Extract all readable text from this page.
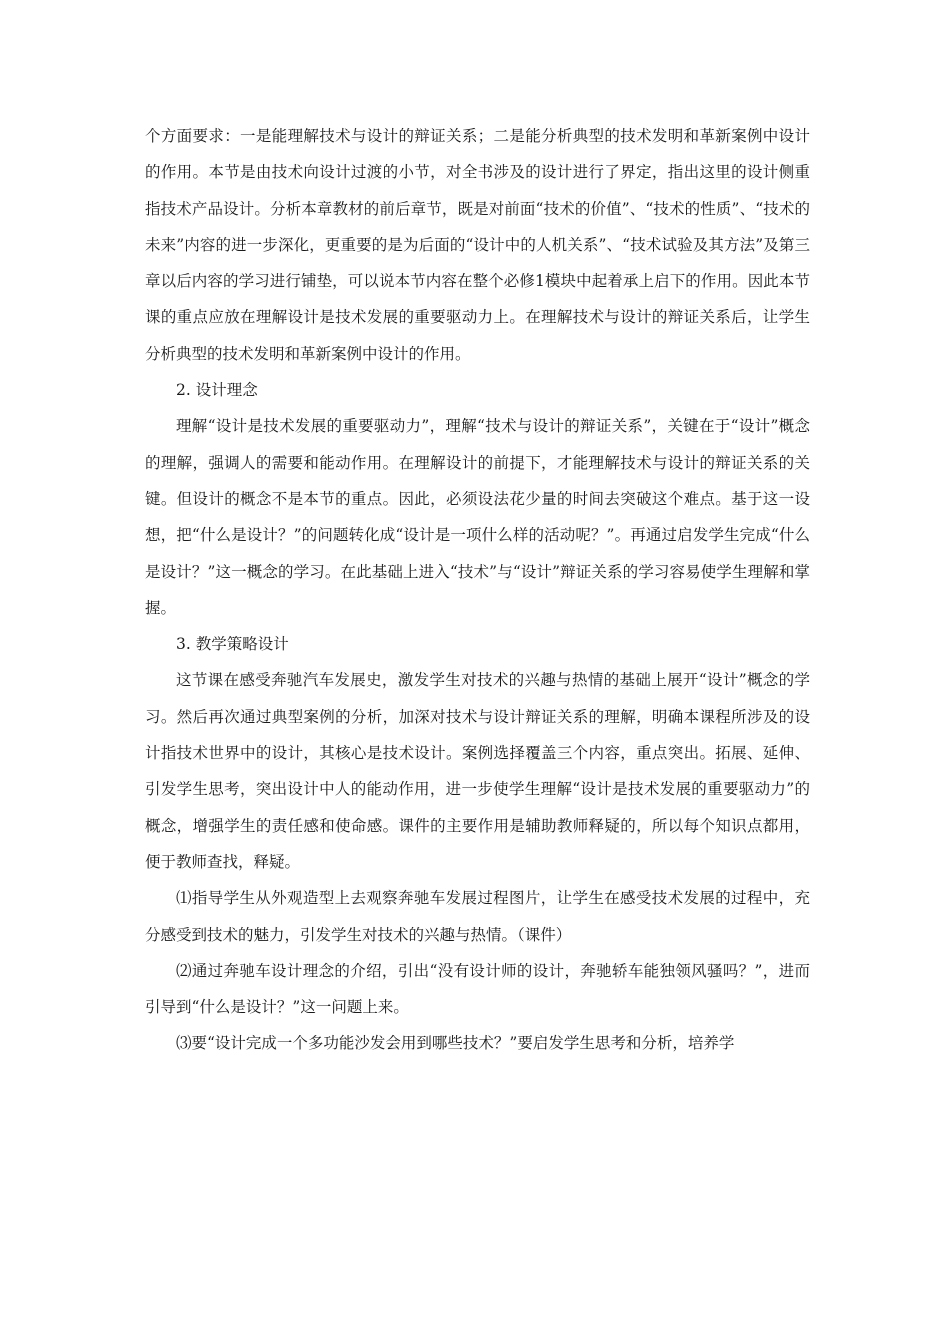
个方面要求：一是能理解技术与设计的辩证关系；二是能分析典型的技术发明和革新案例中设计的作用。本节是由技术向设计过渡的小节，对全书涉及的设计进行了界定，指出这里的设计侧重指技术产品设计。分析本章教材的前后章节，既是对前面“技术的价值”、“技术的性质”、“技术的未来”内容的进一步深化，更重要的是为后面的“设计中的人机关系”、“技术试验及其方法”及第三章以后内容的学习进行铺垫，可以说本节内容在整个必修1模块中起着承上启下的作用。因此本节课的重点应放在理解设计是技术发展的重要驱动力上。在理解技术与设计的辩证关系后，让学生分析典型的技术发明和革新案例中设计的作用。

2. 设计理念

理解“设计是技术发展的重要驱动力”，理解“技术与设计的辩证关系”，关键在于“设计”概念的理解，强调人的需要和能动作用。在理解设计的前提下，才能理解技术与设计的辩证关系的关键。但设计的概念不是本节的重点。因此，必须设法花少量的时间去突破这个难点。基于这一设想，把“什么是设计？”的问题转化成“设计是一项什么样的活动呢？”。再通过启发学生完成“什么是设计？”这一概念的学习。在此基础上进入“技术”与“设计”辩证关系的学习容易使学生理解和掌握。

3. 教学策略设计

这节课在感受奔驰汽车发展史，激发学生对技术的兴趣与热情的基础上展开“设计”概念的学习。然后再次通过典型案例的分析，加深对技术与设计辩证关系的理解，明确本课程所涉及的设计指技术世界中的设计，其核心是技术设计。案例选择覆盖三个内容，重点突出。拓展、延伸、引发学生思考，突出设计中人的能动作用，进一步使学生理解“设计是技术发展的重要驱动力”的概念，增强学生的责任感和使命感。课件的主要作用是辅助教师释疑的，所以每个知识点都用，便于教师查找，释疑。

⑴指导学生从外观造型上去观察奔驰车发展过程图片，让学生在感受技术发展的过程中，充分感受到技术的魅力，引发学生对技术的兴趣与热情。（课件）

⑵通过奔驰车设计理念的介绍，引出“没有设计师的设计，奔驰轿车能独领风骚吗？”，进而引导到“什么是设计？”这一问题上来。

⑶要“设计完成一个多功能沙发会用到哪些技术？”要启发学生思考和分析，培养学
